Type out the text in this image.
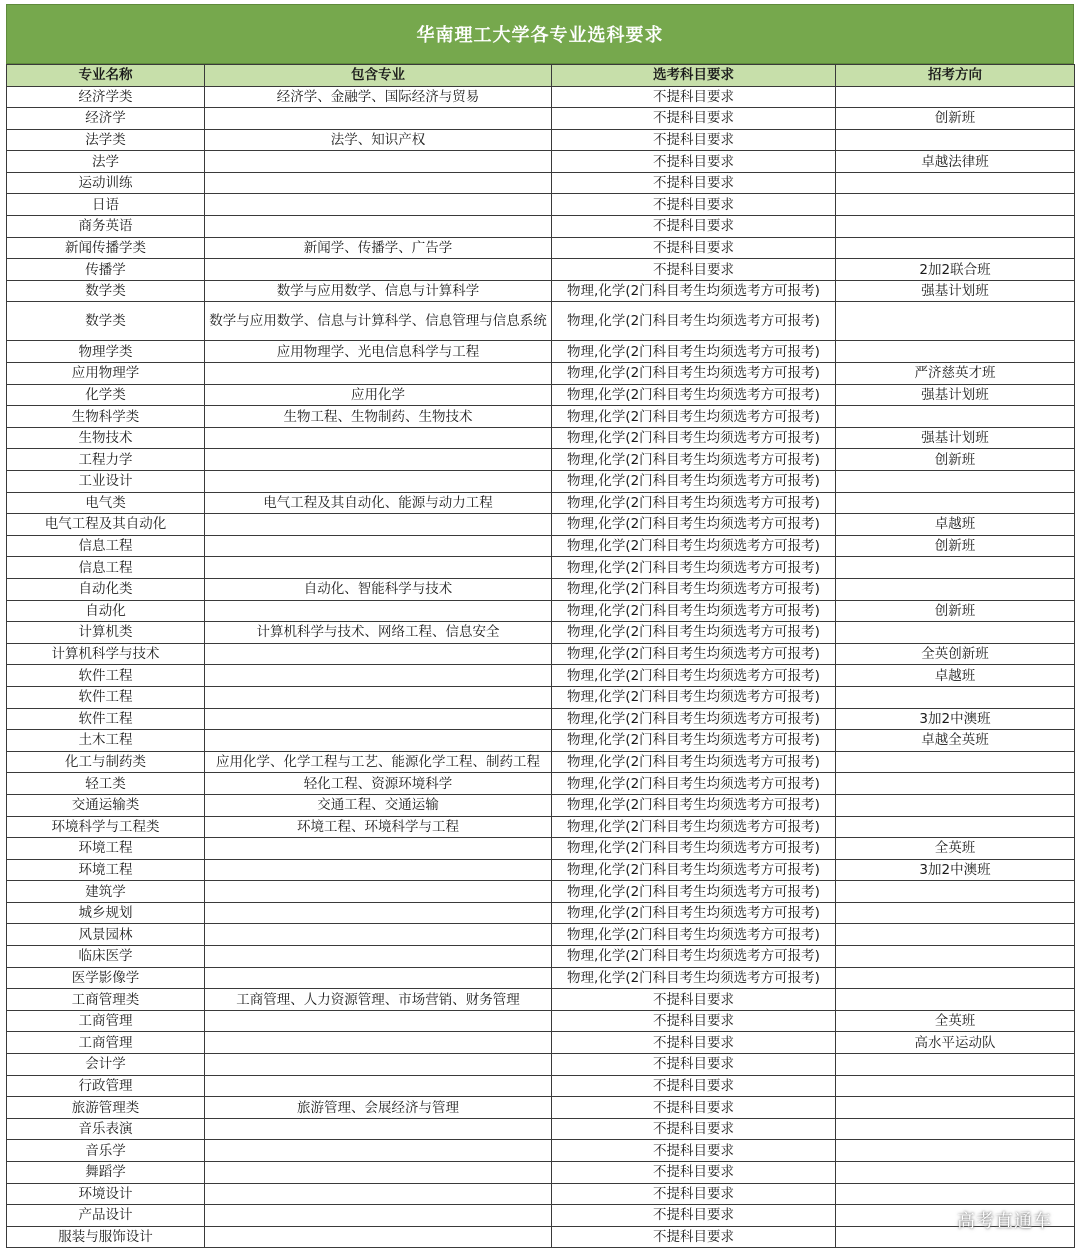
华南理工大学各专业选科要求
专业名称	包含专业	选考科目要求	招考方向
经济学类	经济学、金融学、国际经济与贸易	不提科目要求	
经济学		不提科目要求	创新班
法学类	法学、知识产权	不提科目要求	
法学		不提科目要求	卓越法律班
运动训练		不提科目要求	
日语		不提科目要求	
商务英语		不提科目要求	
新闻传播学类	新闻学、传播学、广告学	不提科目要求	
传播学		不提科目要求	2加2联合班
数学类	数学与应用数学、信息与计算科学	物理,化学(2门科目考生均须选考方可报考)	强基计划班
数学类	数学与应用数学、信息与计算科学、信息管理与信息系统	物理,化学(2门科目考生均须选考方可报考)	
物理学类	应用物理学、光电信息科学与工程	物理,化学(2门科目考生均须选考方可报考)	
应用物理学		物理,化学(2门科目考生均须选考方可报考)	严济慈英才班
化学类	应用化学	物理,化学(2门科目考生均须选考方可报考)	强基计划班
生物科学类	生物工程、生物制药、生物技术	物理,化学(2门科目考生均须选考方可报考)	
生物技术		物理,化学(2门科目考生均须选考方可报考)	强基计划班
工程力学		物理,化学(2门科目考生均须选考方可报考)	创新班
工业设计		物理,化学(2门科目考生均须选考方可报考)	
电气类	电气工程及其自动化、能源与动力工程	物理,化学(2门科目考生均须选考方可报考)	
电气工程及其自动化		物理,化学(2门科目考生均须选考方可报考)	卓越班
信息工程		物理,化学(2门科目考生均须选考方可报考)	创新班
信息工程		物理,化学(2门科目考生均须选考方可报考)	
自动化类	自动化、智能科学与技术	物理,化学(2门科目考生均须选考方可报考)	
自动化		物理,化学(2门科目考生均须选考方可报考)	创新班
计算机类	计算机科学与技术、网络工程、信息安全	物理,化学(2门科目考生均须选考方可报考)	
计算机科学与技术		物理,化学(2门科目考生均须选考方可报考)	全英创新班
软件工程		物理,化学(2门科目考生均须选考方可报考)	卓越班
软件工程		物理,化学(2门科目考生均须选考方可报考)	
软件工程		物理,化学(2门科目考生均须选考方可报考)	3加2中澳班
土木工程		物理,化学(2门科目考生均须选考方可报考)	卓越全英班
化工与制药类	应用化学、化学工程与工艺、能源化学工程、制药工程	物理,化学(2门科目考生均须选考方可报考)	
轻工类	轻化工程、资源环境科学	物理,化学(2门科目考生均须选考方可报考)	
交通运输类	交通工程、交通运输	物理,化学(2门科目考生均须选考方可报考)	
环境科学与工程类	环境工程、环境科学与工程	物理,化学(2门科目考生均须选考方可报考)	
环境工程		物理,化学(2门科目考生均须选考方可报考)	全英班
环境工程		物理,化学(2门科目考生均须选考方可报考)	3加2中澳班
建筑学		物理,化学(2门科目考生均须选考方可报考)	
城乡规划		物理,化学(2门科目考生均须选考方可报考)	
风景园林		物理,化学(2门科目考生均须选考方可报考)	
临床医学		物理,化学(2门科目考生均须选考方可报考)	
医学影像学		物理,化学(2门科目考生均须选考方可报考)	
工商管理类	工商管理、人力资源管理、市场营销、财务管理	不提科目要求	
工商管理		不提科目要求	全英班
工商管理		不提科目要求	高水平运动队
会计学		不提科目要求	
行政管理		不提科目要求	
旅游管理类	旅游管理、会展经济与管理	不提科目要求	
音乐表演		不提科目要求	
音乐学		不提科目要求	
舞蹈学		不提科目要求	
环境设计		不提科目要求	
产品设计		不提科目要求	
服装与服饰设计		不提科目要求	
高考直通车
